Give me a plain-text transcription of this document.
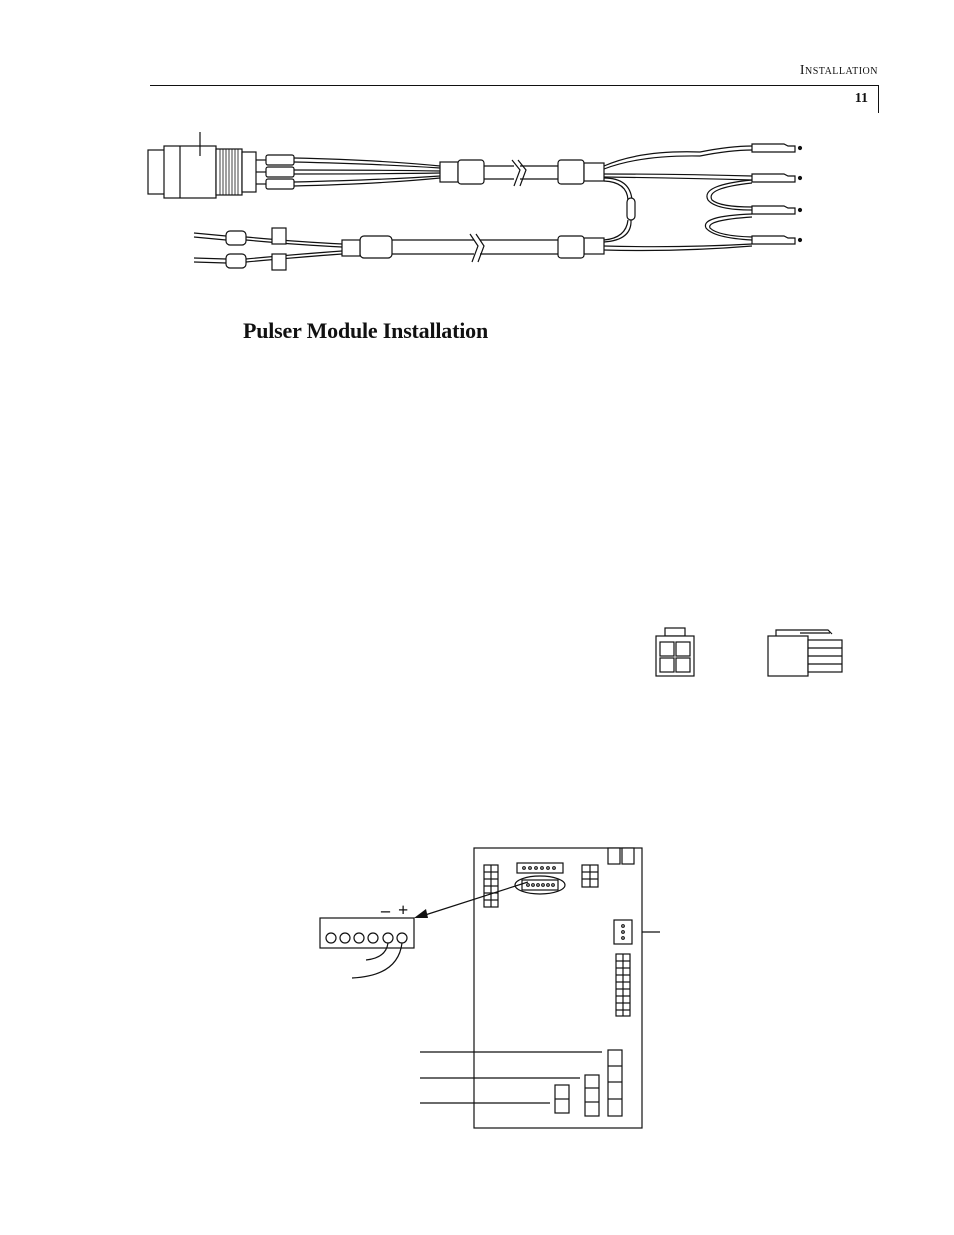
Installation
11
Pulser Module Installation
– +
